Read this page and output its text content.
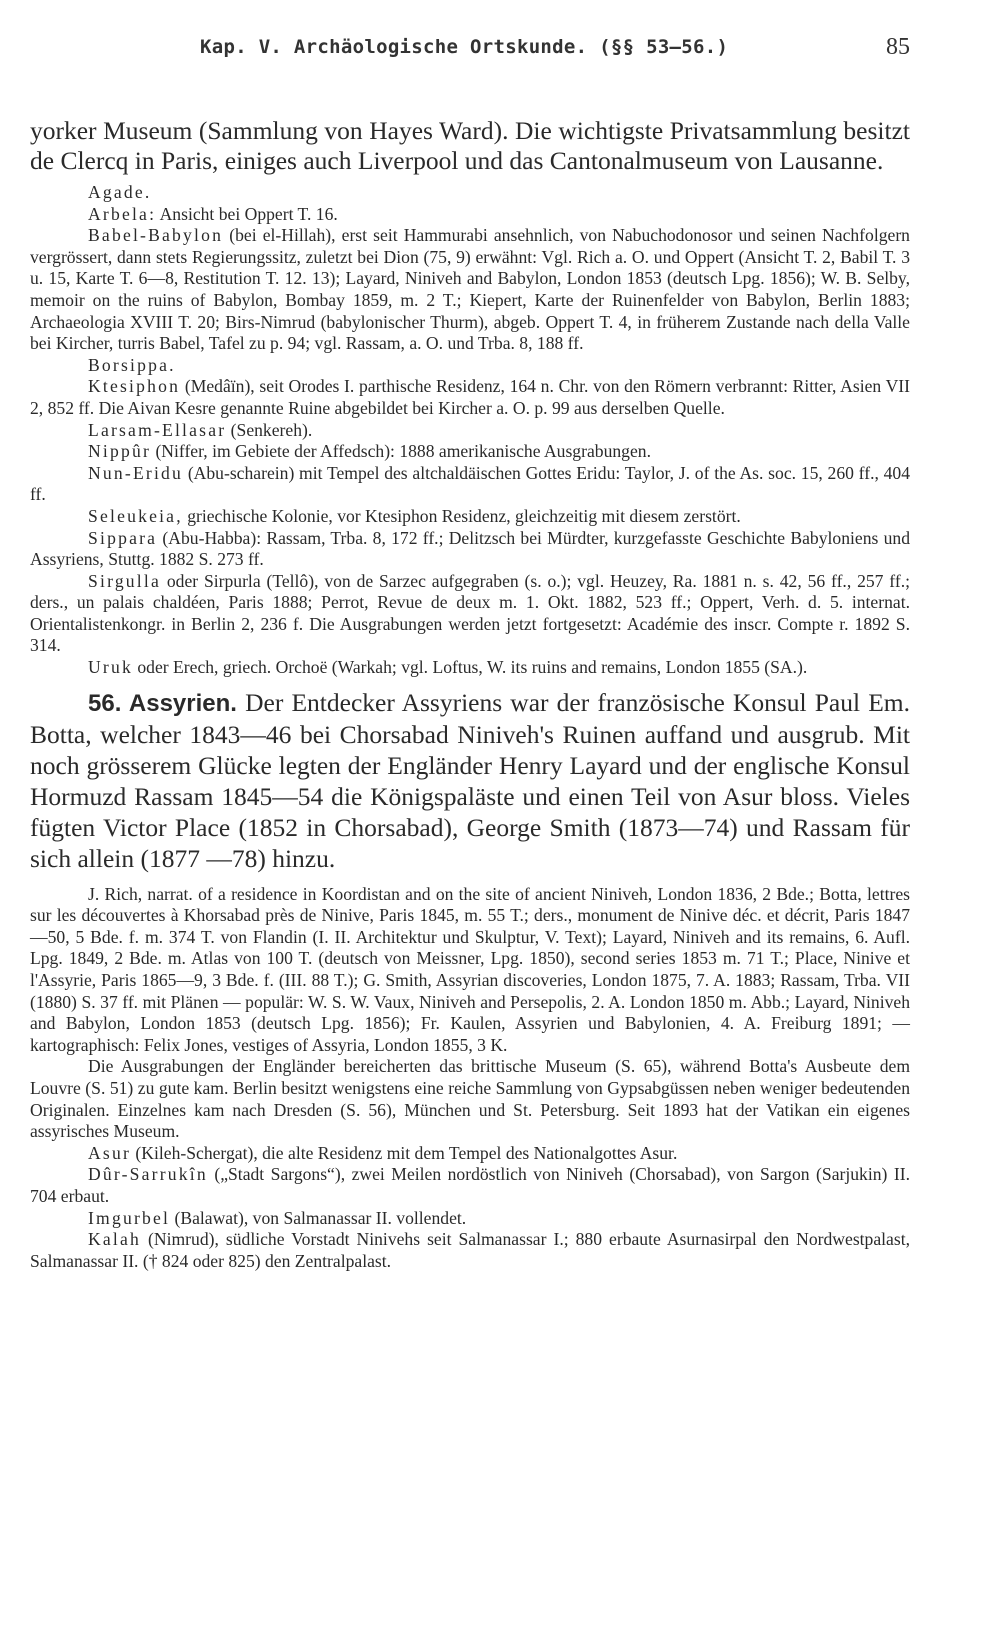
Kap. V. Archäologische Ortskunde. (§§ 53—56.)	85

yorker Museum (Sammlung von Hayes Ward). Die wichtigste Privatsammlung besitzt de Clercq in Paris, einiges auch Liverpool und das Cantonalmuseum von Lausanne.

Agade.

Arbela: Ansicht bei Oppert T. 16.

Babel-Babylon (bei el-Hillah), erst seit Hammurabi ansehnlich, von Nabuchodonosor und seinen Nachfolgern vergrössert, dann stets Regierungssitz, zuletzt bei Dion (75, 9) erwähnt: Vgl. Rich a. O. und Oppert (Ansicht T. 2, Babil T. 3 u. 15, Karte T. 6—8, Restitution T. 12. 13); Layard, Niniveh and Babylon, London 1853 (deutsch Lpg. 1856); W. B. Selby, memoir on the ruins of Babylon, Bombay 1859, m. 2 T.; Kiepert, Karte der Ruinenfelder von Babylon, Berlin 1883; Archaeologia XVIII T. 20; Birs-Nimrud (babylonischer Thurm), abgeb. Oppert T. 4, in früherem Zustande nach della Valle bei Kircher, turris Babel, Tafel zu p. 94; vgl. Rassam, a. O. und Trba. 8, 188 ff.

Borsippa.

Ktesiphon (Medâïn), seit Orodes I. parthische Residenz, 164 n. Chr. von den Römern verbrannt: Ritter, Asien VII 2, 852 ff. Die Aivan Kesre genannte Ruine abgebildet bei Kircher a. O. p. 99 aus derselben Quelle.

Larsam-Ellasar (Senkereh).

Nippûr (Niffer, im Gebiete der Affedsch): 1888 amerikanische Ausgrabungen.

Nun-Eridu (Abu-scharein) mit Tempel des altchaldäischen Gottes Eridu: Taylor, J. of the As. soc. 15, 260 ff., 404 ff.

Seleukeia, griechische Kolonie, vor Ktesiphon Residenz, gleichzeitig mit diesem zerstört.

Sippara (Abu-Habba): Rassam, Trba. 8, 172 ff.; Delitzsch bei Mürdter, kurzgefasste Geschichte Babyloniens und Assyriens, Stuttg. 1882 S. 273 ff.

Sirgulla oder Sirpurla (Tellô), von de Sarzec aufgegraben (s. o.); vgl. Heuzey, Ra. 1881 n. s. 42, 56 ff., 257 ff.; ders., un palais chaldéen, Paris 1888; Perrot, Revue de deux m. 1. Okt. 1882, 523 ff.; Oppert, Verh. d. 5. internat. Orientalistenkongr. in Berlin 2, 236 f. Die Ausgrabungen werden jetzt fortgesetzt: Académie des inscr. Compte r. 1892 S. 314.

Uruk oder Erech, griech. Orchoë (Warkah; vgl. Loftus, W. its ruins and remains, London 1855 (SA.).

56. Assyrien. Der Entdecker Assyriens war der französische Konsul Paul Em. Botta, welcher 1843—46 bei Chorsabad Niniveh's Ruinen auffand und ausgrub. Mit noch grösserem Glücke legten der Engländer Henry Layard und der englische Konsul Hormuzd Rassam 1845—54 die Königspaläste und einen Teil von Asur bloss. Vieles fügten Victor Place (1852 in Chorsabad), George Smith (1873—74) und Rassam für sich allein (1877 —78) hinzu.

J. Rich, narrat. of a residence in Koordistan and on the site of ancient Niniveh, London 1836, 2 Bde.; Botta, lettres sur les découvertes à Khorsabad près de Ninive, Paris 1845, m. 55 T.; ders., monument de Ninive déc. et décrit, Paris 1847—50, 5 Bde. f. m. 374 T. von Flandin (I. II. Architektur und Skulptur, V. Text); Layard, Niniveh and its remains, 6. Aufl. Lpg. 1849, 2 Bde. m. Atlas von 100 T. (deutsch von Meissner, Lpg. 1850), second series 1853 m. 71 T.; Place, Ninive et l'Assyrie, Paris 1865—9, 3 Bde. f. (III. 88 T.); G. Smith, Assyrian discoveries, London 1875, 7. A. 1883; Rassam, Trba. VII (1880) S. 37 ff. mit Plänen — populär: W. S. W. Vaux, Niniveh and Persepolis, 2. A. London 1850 m. Abb.; Layard, Niniveh and Babylon, London 1853 (deutsch Lpg. 1856); Fr. Kaulen, Assyrien und Babylonien, 4. A. Freiburg 1891; — kartographisch: Felix Jones, vestiges of Assyria, London 1855, 3 K.

Die Ausgrabungen der Engländer bereicherten das brittische Museum (S. 65), während Botta's Ausbeute dem Louvre (S. 51) zu gute kam. Berlin besitzt wenigstens eine reiche Sammlung von Gypsabgüssen neben weniger bedeutenden Originalen. Einzelnes kam nach Dresden (S. 56), München und St. Petersburg. Seit 1893 hat der Vatikan ein eigenes assyrisches Museum.

Asur (Kileh-Schergat), die alte Residenz mit dem Tempel des Nationalgottes Asur.

Dûr-Sarrukîn („Stadt Sargons“), zwei Meilen nordöstlich von Niniveh (Chorsabad), von Sargon (Sarjukin) II. 704 erbaut.

Imgurbel (Balawat), von Salmanassar II. vollendet.

Kalah (Nimrud), südliche Vorstadt Ninivehs seit Salmanassar I.; 880 erbaute Asurnasirpal den Nordwestpalast, Salmanassar II. († 824 oder 825) den Zentralpalast.
